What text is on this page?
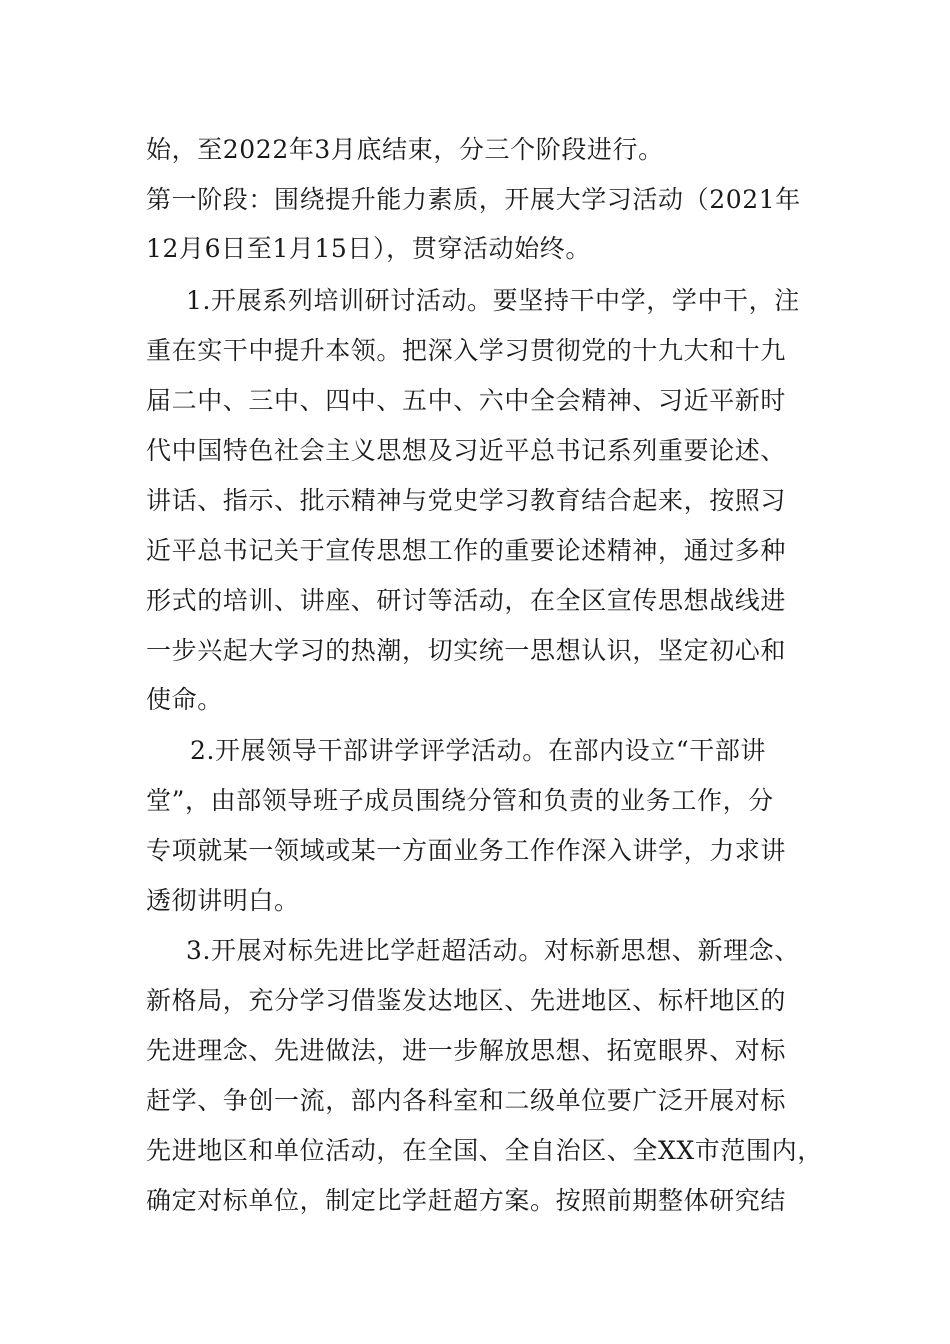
始，至2022年3月底结束，分三个阶段进行。

第一阶段：围绕提升能力素质，开展大学习活动（2021年

12月6日至1月15日），贯穿活动始终。

1.开展系列培训研讨活动。要坚持干中学，学中干，注

重在实干中提升本领。把深入学习贯彻党的十九大和十九

届二中、三中、四中、五中、六中全会精神、习近平新时

代中国特色社会主义思想及习近平总书记系列重要论述、

讲话、指示、批示精神与党史学习教育结合起来，按照习

近平总书记关于宣传思想工作的重要论述精神，通过多种

形式的培训、讲座、研讨等活动，在全区宣传思想战线进

一步兴起大学习的热潮，切实统一思想认识，坚定初心和

使命。

2.开展领导干部讲学评学活动。在部内设立“干部讲

堂”，由部领导班子成员围绕分管和负责的业务工作，分

专项就某一领域或某一方面业务工作作深入讲学，力求讲

透彻讲明白。

3.开展对标先进比学赶超活动。对标新思想、新理念、

新格局，充分学习借鉴发达地区、先进地区、标杆地区的

先进理念、先进做法，进一步解放思想、拓宽眼界、对标

赶学、争创一流，部内各科室和二级单位要广泛开展对标

先进地区和单位活动，在全国、全自治区、全XX市范围内，

确定对标单位，制定比学赶超方案。按照前期整体研究结
